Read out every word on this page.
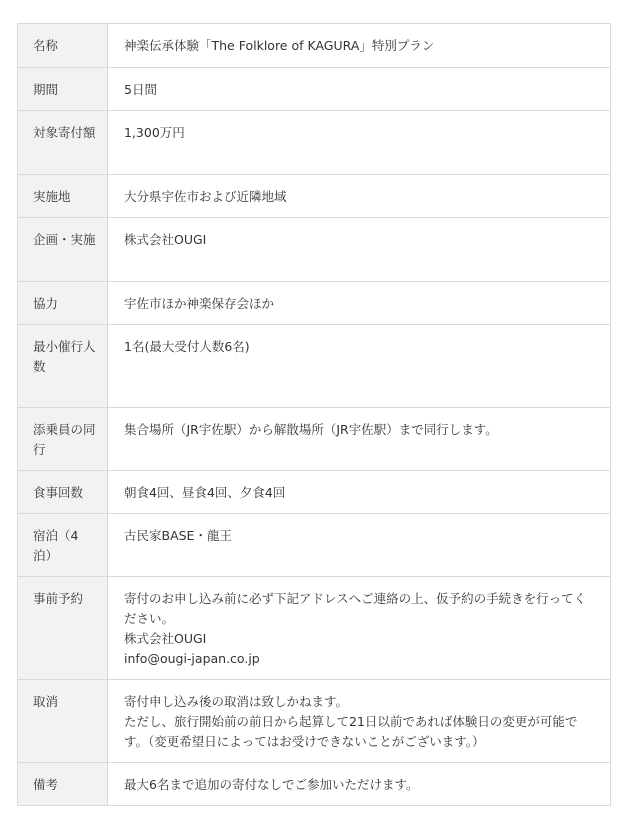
名称	神楽伝承体験「The Folklore of KAGURA」特別プラン

期間	5日間

対象寄付額	1,300万円

実施地	大分県宇佐市および近隣地域

企画・実施	株式会社OUGI

協力	宇佐市ほか神楽保存会ほか

最小催行人数	1名(最大受付人数6名)

添乗員の同行	集合場所（JR宇佐駅）から解散場所（JR宇佐駅）まで同行します。

食事回数	朝食4回、昼食4回、夕食4回

宿泊（4泊）	古民家BASE・龍王

事前予約	寄付のお申し込み前に必ず下記アドレスへご連絡の上、仮予約の手続きを行ってください。
株式会社OUGI
info@ougi-japan.co.jp

取消	寄付申し込み後の取消は致しかねます。
ただし、旅行開始前の前日から起算して21日以前であれば体験日の変更が可能です。（変更希望日によってはお受けできないことがございます。）

備考	最大6名まで追加の寄付なしでご参加いただけます。
